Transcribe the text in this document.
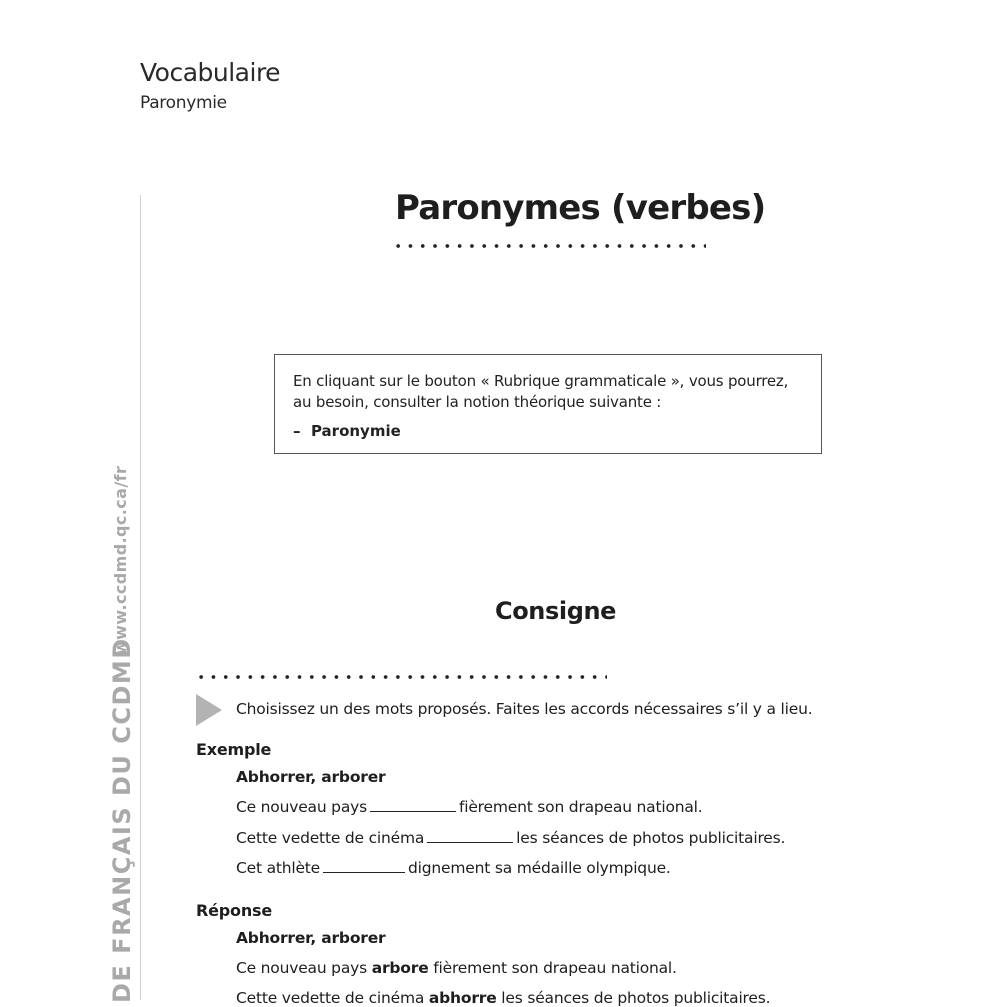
Vocabulaire
Paronymie
www.ccdmd.qc.ca/fr
DE FRANÇAIS DU CCDMD
Paronymes (verbes)
En cliquant sur le bouton « Rubrique grammaticale », vous pourrez,
au besoin, consulter la notion théorique suivante :
– Paronymie
Consigne
Choisissez un des mots proposés. Faites les accords nécessaires s’il y a lieu.
Exemple
Abhorrer, arborer
Ce nouveau pays	fièrement son drapeau national.
Cette vedette de cinéma	les séances de photos publicitaires.
Cet athlète	dignement sa médaille olympique.
Réponse
Abhorrer, arborer
Ce nouveau pays arbore fièrement son drapeau national.
Cette vedette de cinéma abhorre les séances de photos publicitaires.
